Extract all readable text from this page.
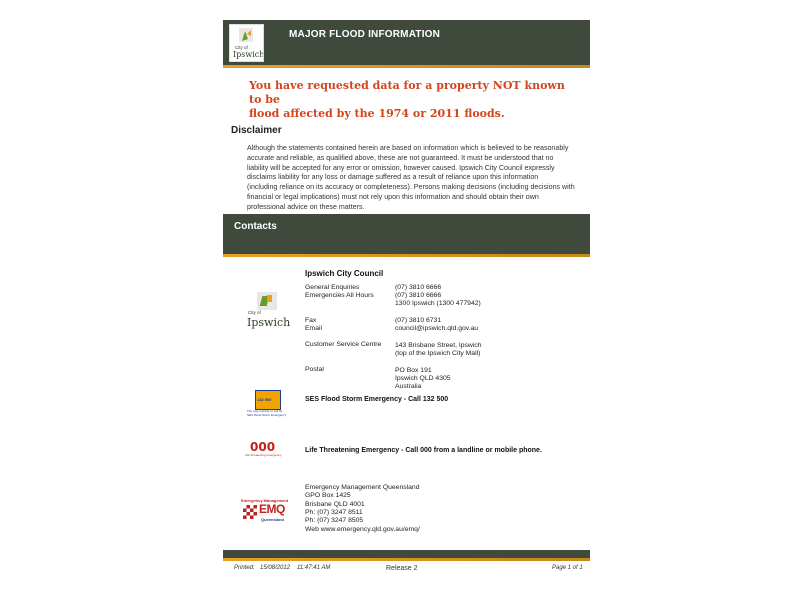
City of
Ipswich
MAJOR FLOOD INFORMATION
You have requested data for a property NOT known to be
flood affected by the 1974 or 2011 floods.
Disclaimer
Although the statements contained herein are based on information which is believed to be reasonably
accurate and reliable, as qualified above, these are not guaranteed. It must be understood that no
liability will be accepted for any error or omission, however caused. Ipswich City Council expressly
disclaims liability for any loss or damage suffered as a result of reliance upon this information
(including reliance on its accuracy or completeness). Persons making decisions (including decisions with
financial or legal implications) must not rely upon this information and should obtain their own
professional advice on these matters.
Contacts
City of
Ipswich
Ipswich City Council
General Enquiries	(07) 3810 6666
Emergencies All Hours	(07) 3810 6666
1300 Ipswich (1300 477942)
Fax	(07) 3810 6731
Email	council@ipswich.qld.gov.au
Customer Service Centre 143 Brisbane Street, Ipswich
(top of the Ipswich City Mall)
Postal	PO Box 191
Ipswich QLD 4305
Australia
132 500
The only number to call for SES Flood Storm Emergency
SES Flood Storm Emergency - Call 132 500
000
Life threatening emergency
Life Threatening Emergency - Call 000 from a landline or mobile phone.
Emergency Management
EMQ
Queensland
Emergency Management Queensland
GPO Box 1425
Brisbane QLD 4001
Ph: (07) 3247 8511
Ph: (07) 3247 8505
Web www.emergency.qld.gov.au/emq/
Printed: 15/08/2012 11:47:41 AM	Release 2	Page 1 of 1
